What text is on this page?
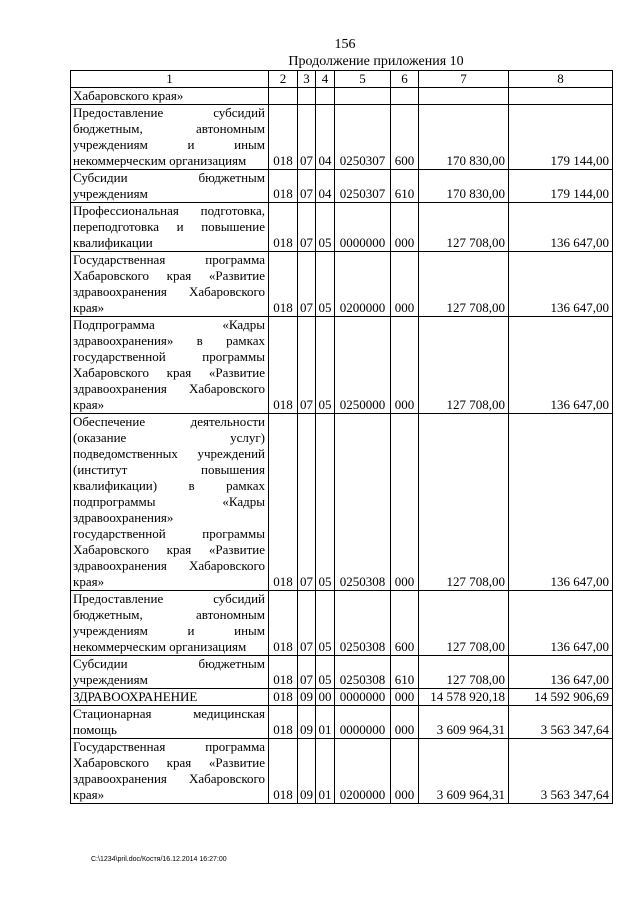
156
Продолжение приложения 10
1	2	3	4	5	6	7	8
Хабаровского края»							
Предоставление субсидий бюджетным, автономным учреждениям и иным некоммерческим организациям	018	07	04	0250307	600	170 830,00	179 144,00
Субсидии бюджетным учреждениям	018	07	04	0250307	610	170 830,00	179 144,00
Профессиональная подготовка, переподготовка и повышение квалификации	018	07	05	0000000	000	127 708,00	136 647,00
Государственная программа Хабаровского края «Развитие здравоохранения Хабаровского края»	018	07	05	0200000	000	127 708,00	136 647,00
Подпрограмма «Кадры здравоохранения» в рамках государственной программы Хабаровского края «Развитие здравоохранения Хабаровского края»	018	07	05	0250000	000	127 708,00	136 647,00
Обеспечение деятельности (оказание услуг) подведомственных учреждений (институт повышения квалификации) в рамках подпрограммы «Кадры здравоохранения» государственной программы Хабаровского края «Развитие здравоохранения Хабаровского края»	018	07	05	0250308	000	127 708,00	136 647,00
Предоставление субсидий бюджетным, автономным учреждениям и иным некоммерческим организациям	018	07	05	0250308	600	127 708,00	136 647,00
Субсидии бюджетным учреждениям	018	07	05	0250308	610	127 708,00	136 647,00
ЗДРАВООХРАНЕНИЕ	018	09	00	0000000	000	14 578 920,18	14 592 906,69
Стационарная медицинская помощь	018	09	01	0000000	000	3 609 964,31	3 563 347,64
Государственная программа Хабаровского края «Развитие здравоохранения Хабаровского края»	018	09	01	0200000	000	3 609 964,31	3 563 347,64
C:\1234\pril.doc/Костя/16.12.2014 16:27:00
